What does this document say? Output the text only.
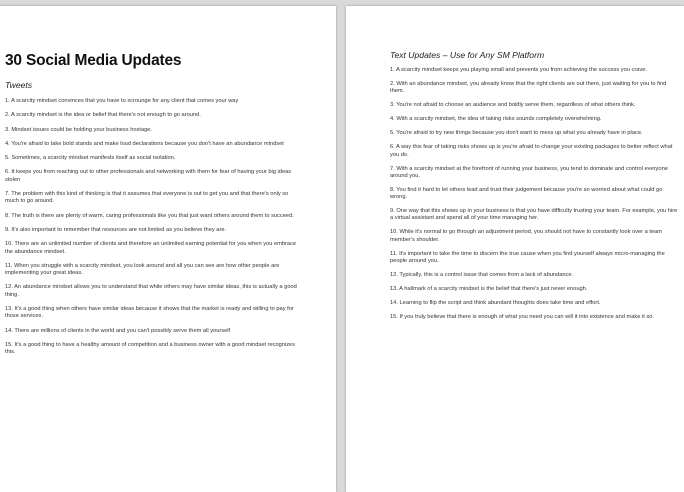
30 Social Media Updates
Tweets
1. A scarcity mindset convinces that you have to scrounge for any client that comes your way
2. A scarcity mindset is the idea or belief that there's not enough to go around.
3. Mindset issues could be holding your business hostage.
4. You're afraid to take bold stands and make loud declarations because you don't have an abundance mindset
5. Sometimes, a scarcity mindset manifests itself as social isolation.
6. It keeps you from reaching out to other professionals and networking with them for fear of having your big ideas stolen
7. The problem with this kind of thinking is that it assumes that everyone is out to get you and that there's only so much to go around.
8. The truth is there are plenty of warm, caring professionals like you that just want others around them to succeed.
9. It's also important to remember that resources are not limited as you believe they are.
10. There are an unlimited number of clients and therefore an unlimited earning potential for you when you embrace the abundance mindset.
11. When you struggle with a scarcity mindset, you look around and all you can see are how other people are implementing your great ideas.
12. An abundance mindset allows you to understand that while others may have similar ideas, this is actually a good thing.
13. It's a good thing when others have similar ideas because it shows that the market is ready and willing to pay for those services.
14. There are millions of clients in the world and you can't possibly serve them all yourself
15. It's a good thing to have a healthy amount of competition and a business owner with a good mindset recognizes this.
Text Updates – Use for Any SM Platform
1. A scarcity mindset keeps you playing small and prevents you from achieving the success you crave.
2. With an abundance mindset, you already know that the right clients are out there, just waiting for you to find them.
3. You're not afraid to choose an audience and boldly serve them, regardless of what others think.
4. With a scarcity mindset, the idea of taking risks sounds completely overwhelming.
5. You're afraid to try new things because you don't want to mess up what you already have in place.
6. A way this fear of taking risks shows up is you're afraid to change your existing packages to better reflect what you do.
7. With a scarcity mindset at the forefront of running your business, you tend to dominate and control everyone around you.
8. You find it hard to let others lead and trust their judgement because you're so worried about what could go wrong.
9. One way that this shows up in your business is that you have difficulty trusting your team. For example, you hire a virtual assistant and spend all of your time managing her.
10. While it's normal to go through an adjustment period, you should not have to constantly look over a team member's shoulder.
11. It's important to take the time to discern the true cause when you find yourself always micro-managing the people around you.
12. Typically, this is a control issue that comes from a lack of abundance.
13. A hallmark of a scarcity mindset is the belief that there's just never enough.
14. Learning to flip the script and think abundant thoughts does take time and effort.
15. If you truly believe that there is enough of what you need you can will it into existence and make it so.
